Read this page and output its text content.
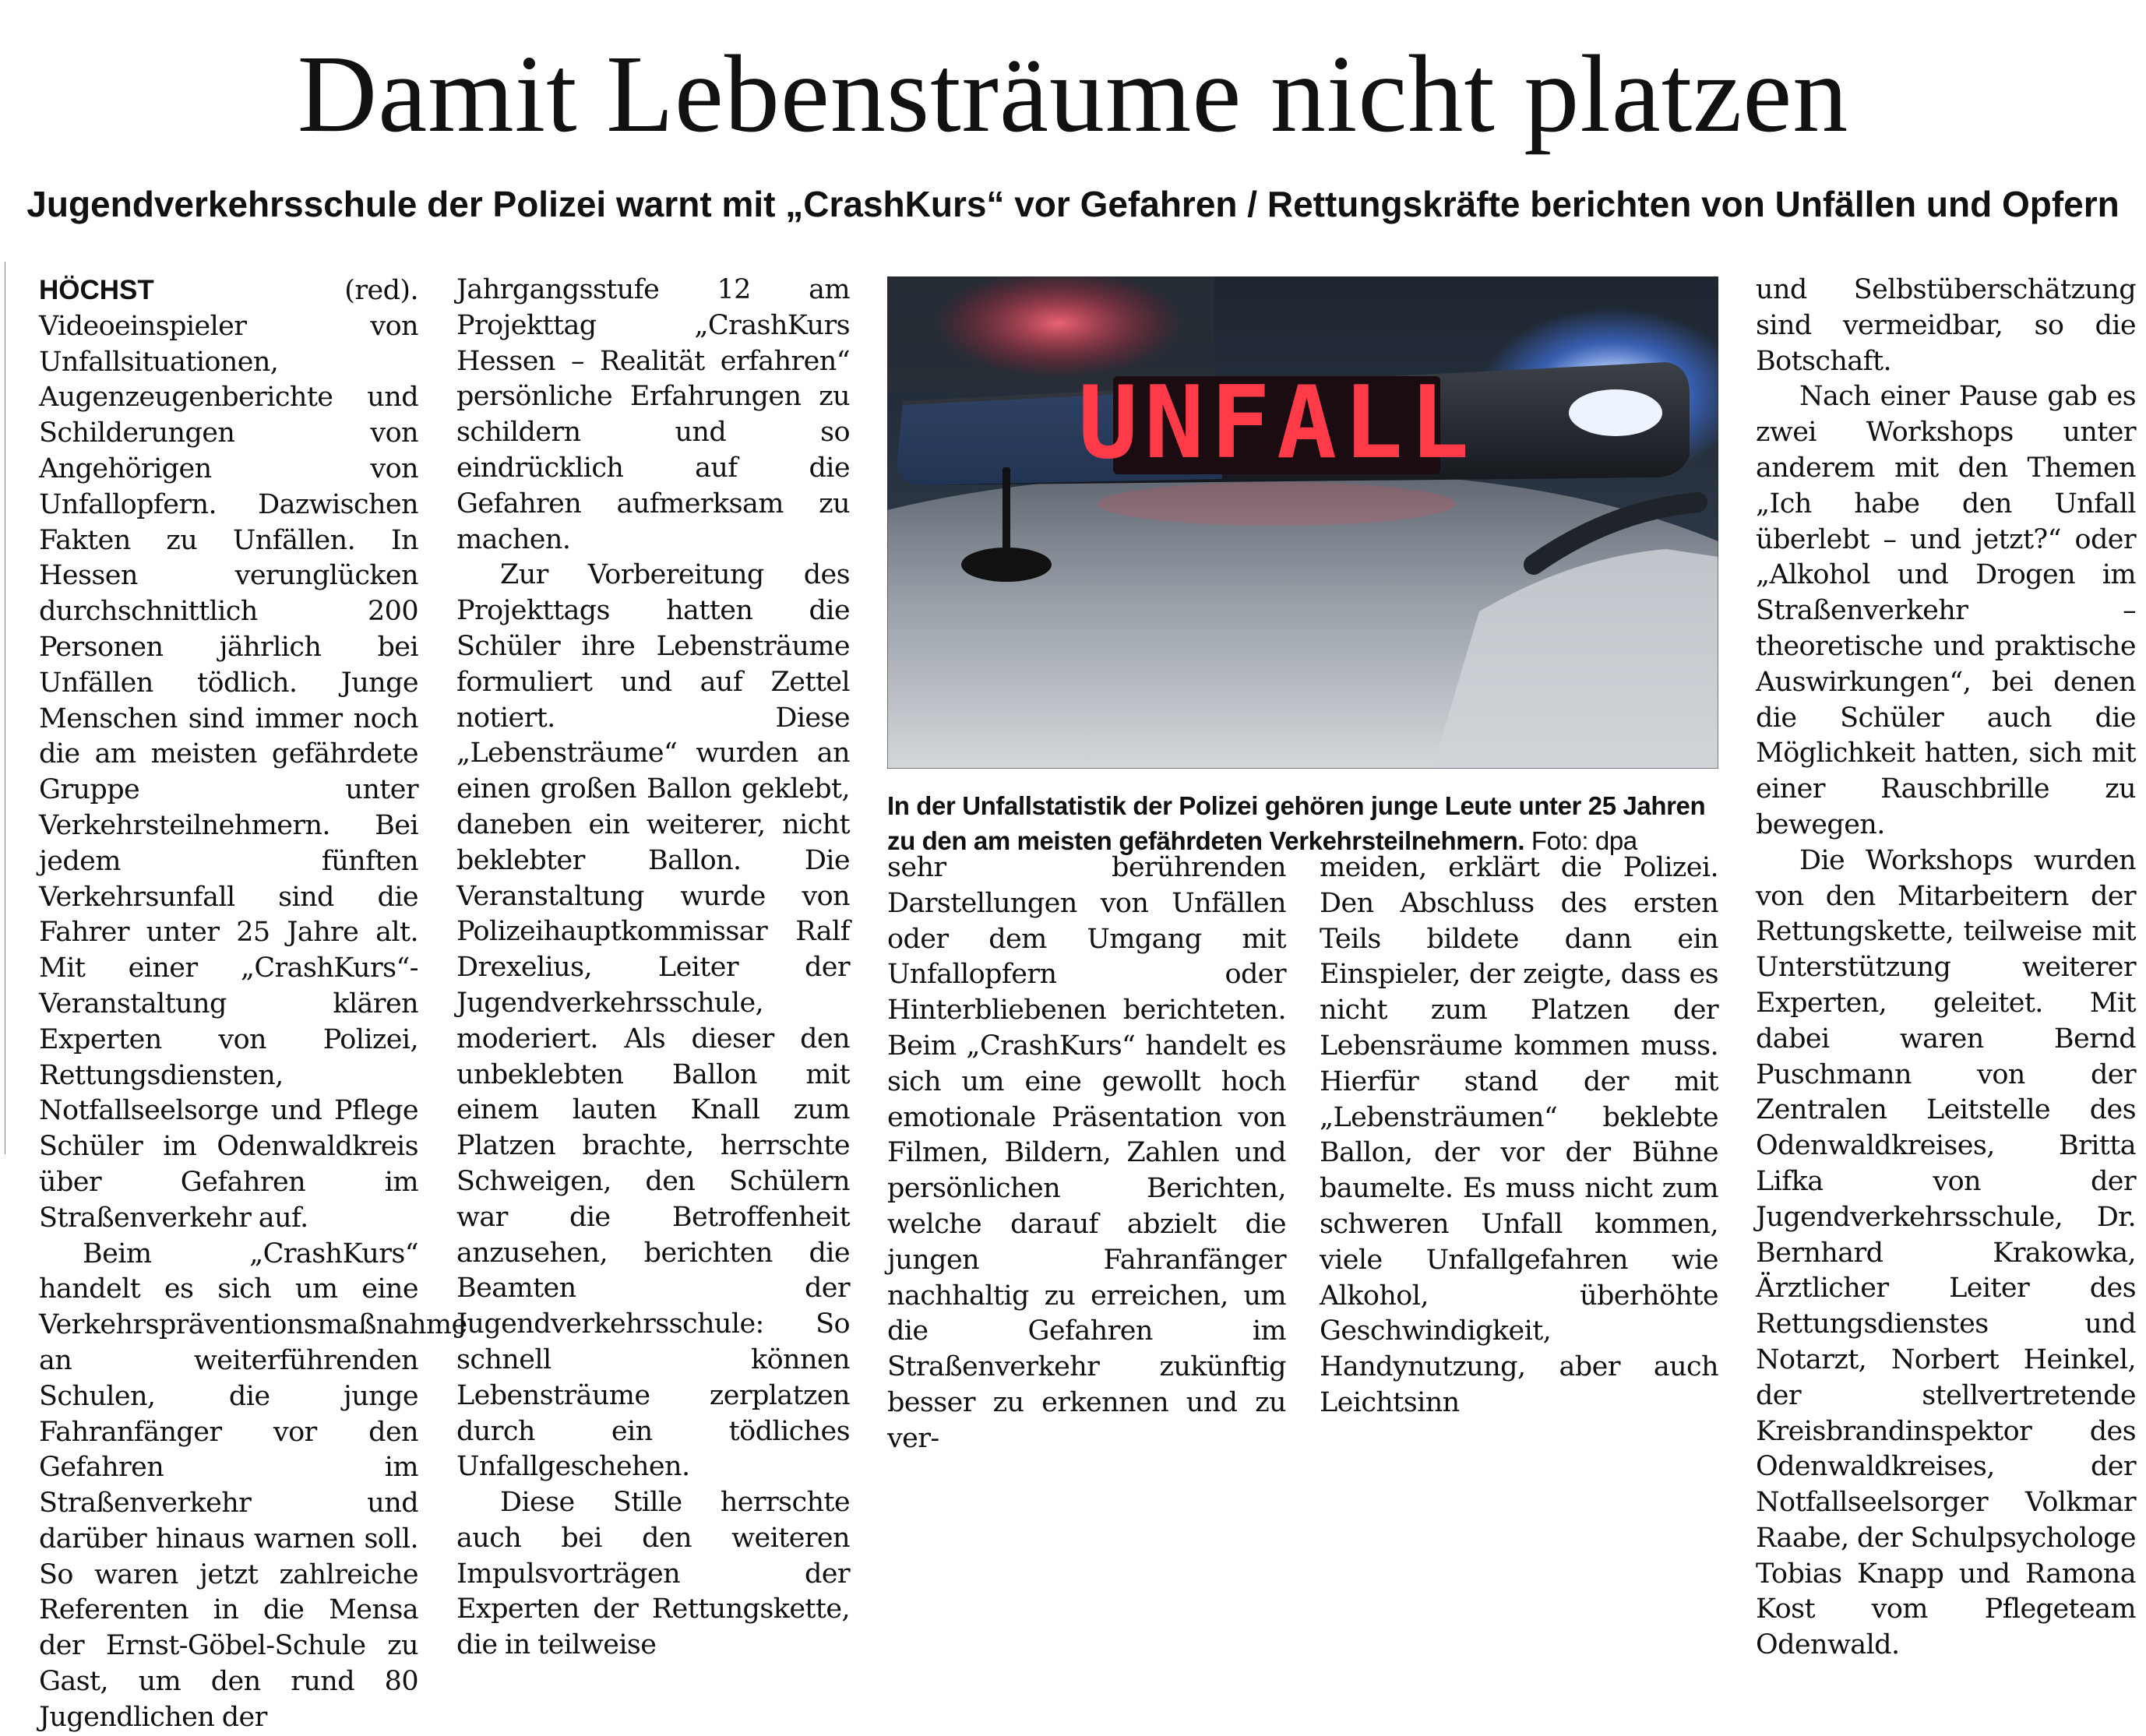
Damit Lebensträume nicht platzen
Jugendverkehrsschule der Polizei warnt mit „CrashKurs“ vor Gefahren / Rettungskräfte berichten von Unfällen und Opfern

HÖCHST (red). Videoeinspieler von Unfallsituationen, Augenzeugenberichte und Schilderungen von Angehörigen von Unfallopfern. Dazwischen Fakten zu Unfällen. In Hessen verunglücken durchschnittlich 200 Personen jährlich bei Unfällen tödlich. Junge Menschen sind immer noch die am meisten gefährdete Gruppe unter Verkehrsteilnehmern. Bei jedem fünften Verkehrsunfall sind die Fahrer unter 25 Jahre alt. Mit einer „CrashKurs“-Veranstaltung klären Experten von Polizei, Rettungsdiensten, Notfallseelsorge und Pflege Schüler im Odenwaldkreis über Gefahren im Straßenverkehr auf.

Beim „CrashKurs“ handelt es sich um eine Verkehrspräventionsmaßnahme an weiterführenden Schulen, die junge Fahranfänger vor den Gefahren im Straßenverkehr und darüber hinaus warnen soll. So waren jetzt zahlreiche Referenten in die Mensa der Ernst-Göbel-Schule zu Gast, um den rund 80 Jugendlichen der

Jahrgangsstufe 12 am Projekttag „CrashKurs Hessen – Realität erfahren“ persönliche Erfahrungen zu schildern und so eindrücklich auf die Gefahren aufmerksam zu machen.

Zur Vorbereitung des Projekttags hatten die Schüler ihre Lebensträume formuliert und auf Zettel notiert. Diese „Lebensträume“ wurden an einen großen Ballon geklebt, daneben ein weiterer, nicht beklebter Ballon. Die Veranstaltung wurde von Polizeihauptkommissar Ralf Drexelius, Leiter der Jugendverkehrsschule, moderiert. Als dieser den unbeklebten Ballon mit einem lauten Knall zum Platzen brachte, herrschte Schweigen, den Schülern war die Betroffenheit anzusehen, berichten die Beamten der Jugendverkehrsschule: So schnell können Lebensträume zerplatzen durch ein tödliches Unfallgeschehen.

Diese Stille herrschte auch bei den weiteren Impulsvorträgen der Experten der Rettungskette, die in teilweise

UNFALL
In der Unfallstatistik der Polizei gehören junge Leute unter 25 Jahren zu den am meisten gefährdeten Verkehrsteilnehmern. Foto: dpa

sehr berührenden Darstellungen von Unfällen oder dem Umgang mit Unfallopfern oder Hinterbliebenen berichteten. Beim „CrashKurs“ handelt es sich um eine gewollt hoch emotionale Präsentation von Filmen, Bildern, Zahlen und persönlichen Berichten, welche darauf abzielt die jungen Fahranfänger nachhaltig zu erreichen, um die Gefahren im Straßenverkehr zukünftig besser zu erkennen und zu ver-

meiden, erklärt die Polizei. Den Abschluss des ersten Teils bildete dann ein Einspieler, der zeigte, dass es nicht zum Platzen der Lebensräume kommen muss. Hierfür stand der mit „Lebensträumen“ beklebte Ballon, der vor der Bühne baumelte. Es muss nicht zum schweren Unfall kommen, viele Unfallgefahren wie Alkohol, überhöhte Geschwindigkeit, Handynutzung, aber auch Leichtsinn

und Selbstüberschätzung sind vermeidbar, so die Botschaft.

Nach einer Pause gab es zwei Workshops unter anderem mit den Themen „Ich habe den Unfall überlebt – und jetzt?“ oder „Alkohol und Drogen im Straßenverkehr – theoretische und praktische Auswirkungen“, bei denen die Schüler auch die Möglichkeit hatten, sich mit einer Rauschbrille zu bewegen.

Die Workshops wurden von den Mitarbeitern der Rettungskette, teilweise mit Unterstützung weiterer Experten, geleitet. Mit dabei waren Bernd Puschmann von der Zentralen Leitstelle des Odenwaldkreises, Britta Lifka von der Jugendverkehrsschule, Dr. Bernhard Krakowka, Ärztlicher Leiter des Rettungsdienstes und Notarzt, Norbert Heinkel, der stellvertretende Kreisbrandinspektor des Odenwaldkreises, der Notfallseelsorger Volkmar Raabe, der Schulpsychologe Tobias Knapp und Ramona Kost vom Pflegeteam Odenwald.
